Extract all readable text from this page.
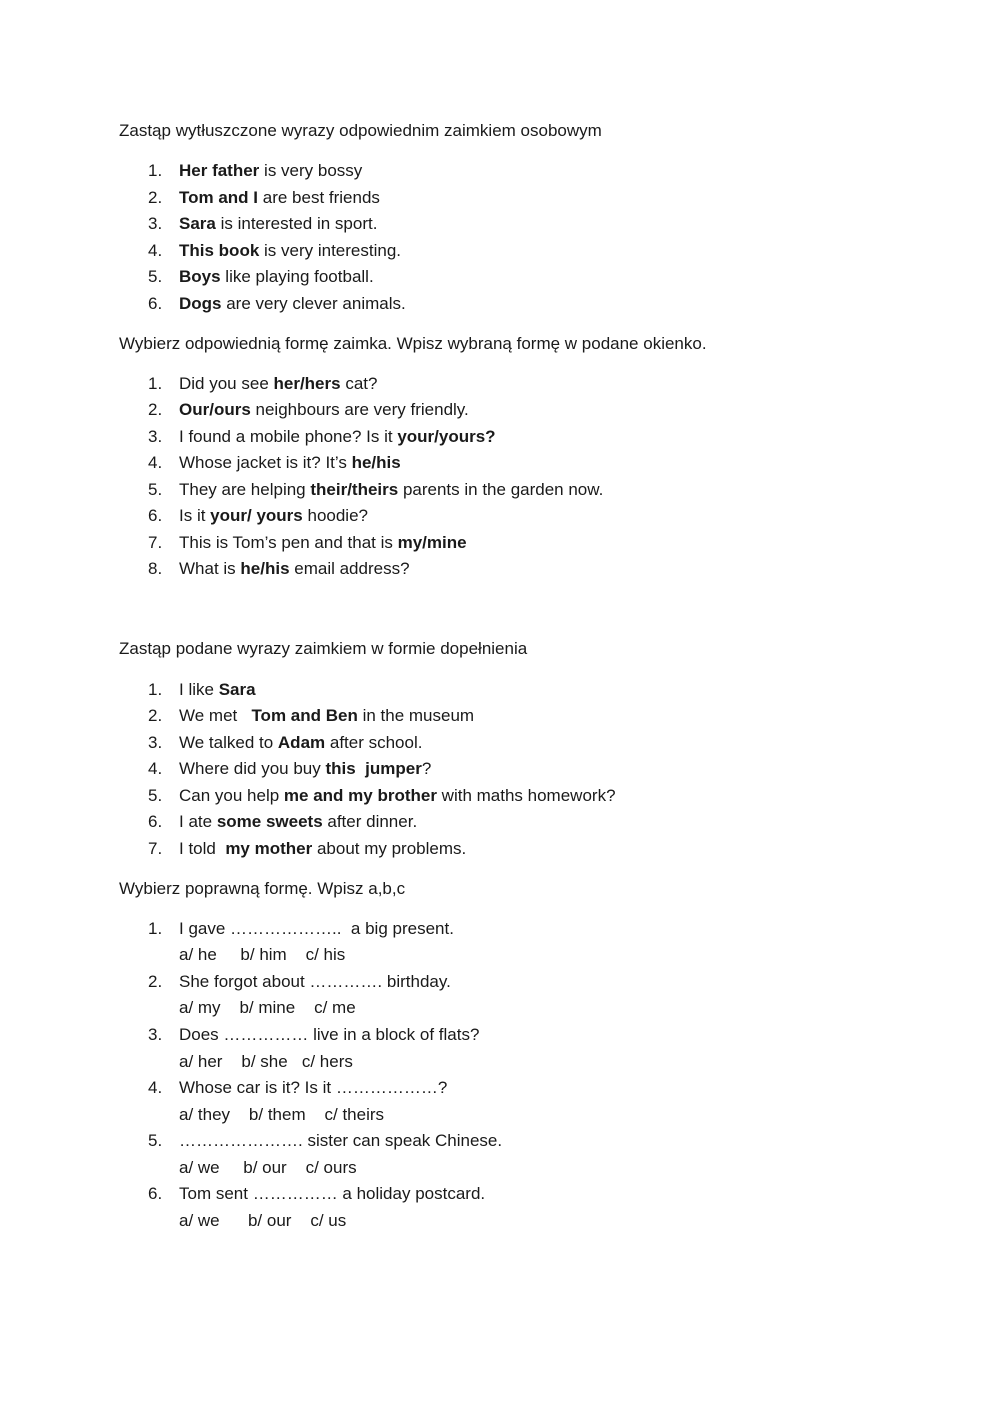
Zastąp wytłuszczone wyrazy odpowiednim zaimkiem osobowym
1. Her father is very bossy
2. Tom and I are best friends
3. Sara is interested in sport.
4. This book is very interesting.
5. Boys like playing football.
6. Dogs are very clever animals.
Wybierz odpowiednią formę zaimka. Wpisz wybraną formę w podane okienko.
1. Did you see her/hers cat?
2. Our/ours neighbours are very friendly.
3. I found a mobile phone? Is it your/yours?
4. Whose jacket is it? It’s he/his
5. They are helping their/theirs parents in the garden now.
6. Is it your/ yours hoodie?
7. This is Tom’s pen and that is my/mine
8. What is he/his email address?
Zastąp podane wyrazy zaimkiem w formie dopełnienia
1. I like Sara
2. We met   Tom and Ben in the museum
3. We talked to Adam after school.
4. Where did you buy this  jumper?
5. Can you help me and my brother with maths homework?
6. I ate some sweets after dinner.
7. I told  my mother about my problems.
Wybierz poprawną formę. Wpisz a,b,c
1. I gave ………………..  a big present.
a/ he     b/ him    c/ his
2. She forgot about …………. birthday.
a/ my    b/ mine    c/ me
3. Does …………… live in a block of flats?
a/ her    b/ she   c/ hers
4. Whose car is it? Is it ………………?
a/ they    b/ them    c/ theirs
5. …………………. sister can speak Chinese.
a/ we     b/ our    c/ ours
6. Tom sent …………… a holiday postcard.
a/ we      b/ our    c/ us
